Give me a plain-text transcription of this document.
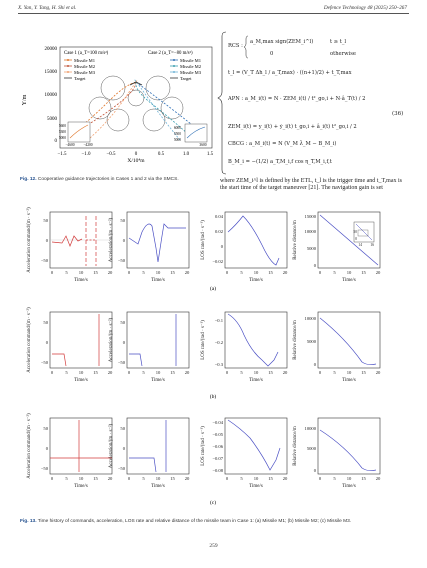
X. Yan, Y. Tang, H. Shi et al.	Defence Technology 48 (2025) 250–267
Y/m
X/10⁴m
20000
15000
10000
5000
0
−1.5	−1.0	−0.5	0	0.5	1.0	1.5
Case 1 (a_T=100 m/s²)	Case 2 (a_T=−80 m/s²)
Missile M1
Missile M2
Missile M3
Target
Missile M1
Missile M2
Missile M3
Target
5600
5300
5000
−4600 −4200
6000
5500
5000
3600
RCS :
a_M,max sign(ZEM_i^l)	t ≥ t_l
0	otherwise
t_l = (V_T Δh_l / a_T,max) · ((n+1)/2) + t_T,max
APN : a_M_i(t) = N · ZEM_i(t) / t²_go,i + N·â_T(t) / 2
(36)
ZEM_i(t) = y_i(t) + ẏ_i(t) t_go,i + â_i(t) t²_go,i / 2
CBCG : a_M_i(t) = N (V_M λ̇_M − B_M_i)
B_M_i = −(1/2) a_T,M_i,f cos η_T,M_i,f,t
Acceleration command/(m · s⁻²)	Acceleration/(m · s⁻²)	LOS rate/(rad · s⁻¹)	Relative distance/m
Acceleration command/(m · s⁻²)	Acceleration/(m · s⁻²)	LOS rate/(rad · s⁻¹)	Relative distance/m
Acceleration command/(m · s⁻²)	Acceleration/(m · s⁻²)	LOS rate/(rad · s⁻¹)	Relative distance/m
50
0
−50
50
0
−50
0.04
0.02
0
−0.02
15000
10000
5000
0
50
0
14 16
50
0
−50
50
0
−50
−0.1
−0.2
−0.3
10000
5000
0
50
0
−50
50
0
−50
−0.04
−0.05
−0.06
−0.07
−0.08
10000
5000
0
0	5 10 15 20
Time/s
0	5 10 15 20
Time/s
0	5 10 15 20
Time/s
0	5 10 15 20
Time/s
0	5 10 15 20
Time/s
0	5 10 15 20
Time/s
0	5 10 15 20
Time/s
0	5 10 15 20
Time/s
0	5 10 15 20
Time/s
0	5 10 15 20
Time/s
0	5 10 15 20
Time/s
0	5 10 15 20
Time/s
(a)
(b)
(c)
Fig. 12. Cooperative guidance trajectories in Cases 1 and 2 via the SMCS.	where ZEM_i^l is defined by the ETL, t_l is the trigger time and t_T,max is the start time of the target maneuver [21]. The navigation gain is set
Fig. 13. Time history of commands, acceleration, LOS rate and relative distance of the missile team in Case 1: (a) Missile M1; (b) Missile M2; (c) Missile M3.
259
